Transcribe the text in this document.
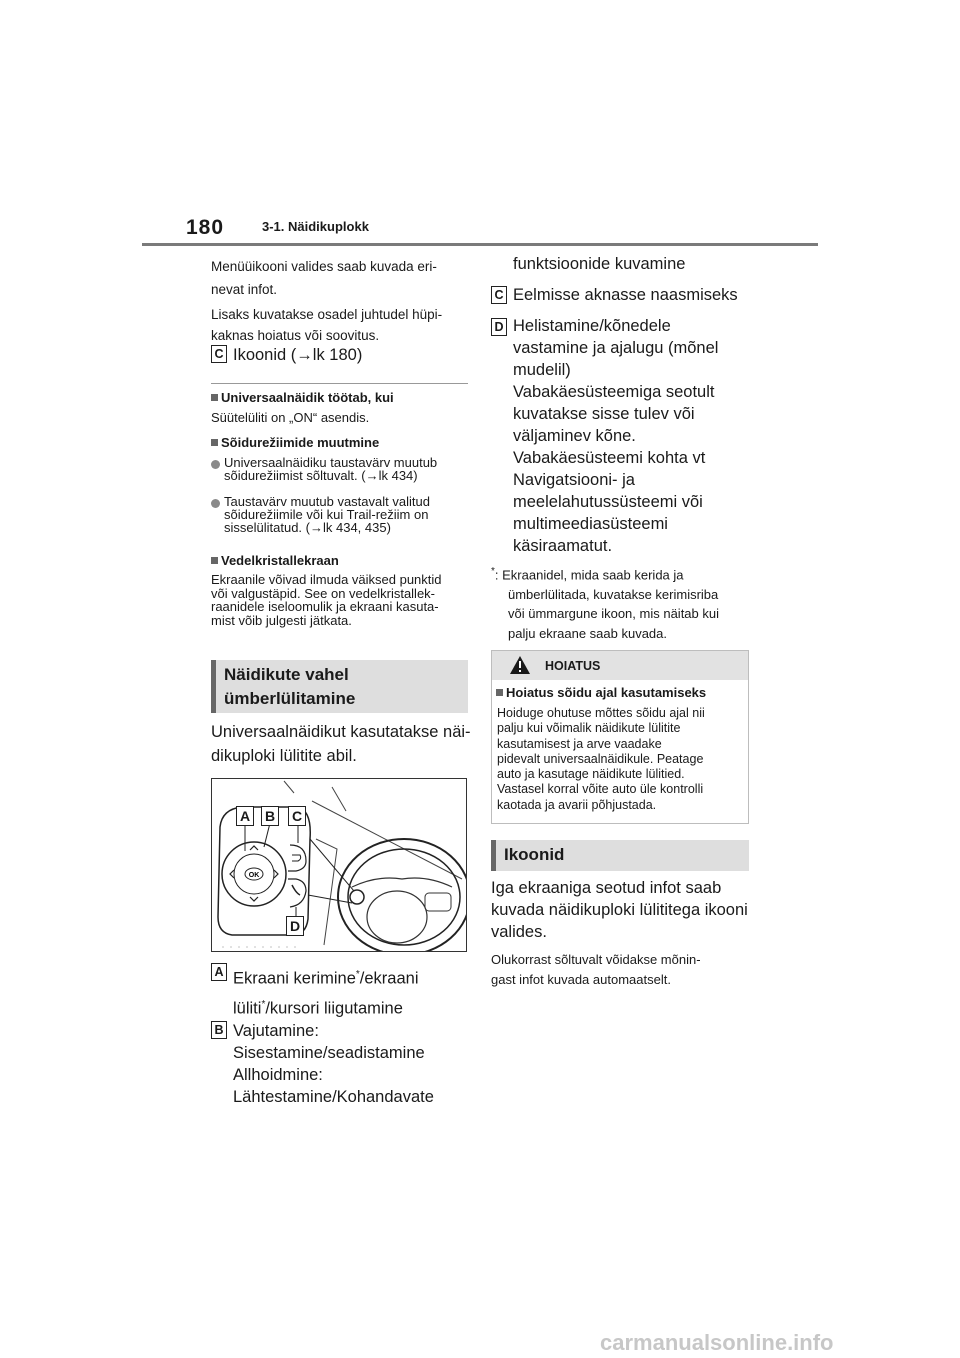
180	3-1. Näidikuplokk
Menüüikooni valides saab kuvada eri-
nevat infot.
Lisaks kuvatakse osadel juhtudel hüpi-
kaknas hoiatus või soovitus.
C Ikoonid (→lk 180)
Universaalnäidik töötab, kui
Süütelüliti on „ON“ asendis.
Sõidurežiimide muutmine
Universaalnäidiku taustavärv muutub
sõidurežiimist sõltuvalt. (→lk 434)
Taustavärv muutub vastavalt valitud
sõidurežiimile või kui Trail-režiim on
sisselülitatud. (→lk 434, 435)
Vedelkristallekraan
Ekraanile võivad ilmuda väiksed punktid
või valgustäpid. See on vedelkristallek-
raanidele iseloomulik ja ekraani kasuta-
mist võib julgesti jätkata.
Näidikute vahel
ümberlülitamine
Universaalnäidikut kasutatakse näi-
dikuploki lülitite abil.
OK
A B C
D
A Ekraani kerimine*/ekraani
lüliti*/kursori liigutamine
B Vajutamine:
Sisestamine/seadistamine
Allhoidmine:
Lähtestamine/Kohandavate
funktsioonide kuvamine
C Eelmisse aknasse naasmiseks
D Helistamine/kõnedele
vastamine ja ajalugu (mõnel
mudelil)
Vabakäesüsteemiga seotult
kuvatakse sisse tulev või
väljaminev kõne.
Vabakäesüsteemi kohta vt
Navigatsiooni- ja
meelelahutussüsteemi või
multimeediasüsteemi
käsiraamatut.
*: Ekraanidel, mida saab kerida ja
ümberlülitada, kuvatakse kerimisriba
või ümmargune ikoon, mis näitab kui
palju ekraane saab kuvada.
HOIATUS
Hoiatus sõidu ajal kasutamiseks
Hoiduge ohutuse mõttes sõidu ajal nii
palju kui võimalik näidikute lülitite
kasutamisest ja arve vaadake
pidevalt universaalnäidikule. Peatage
auto ja kasutage näidikute lülitied.
Vastasel korral võite auto üle kontrolli
kaotada ja avarii põhjustada.
Ikoonid
Iga ekraaniga seotud infot saab
kuvada näidikuploki lülititega ikooni
valides.
Olukorrast sõltuvalt võidakse mõnin-
gast infot kuvada automaatselt.
carmanualsonline.info
